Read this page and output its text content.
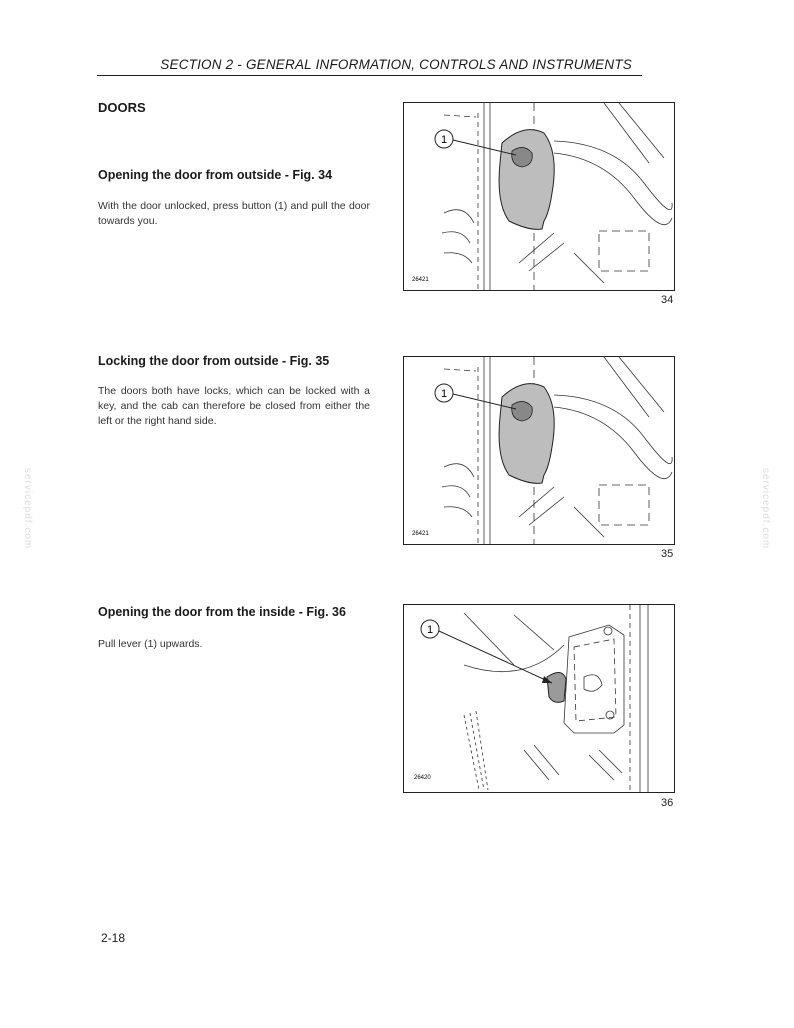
SECTION 2 - GENERAL INFORMATION, CONTROLS AND INSTRUMENTS
DOORS
Opening the door from outside - Fig. 34
With the door unlocked, press button (1) and pull the door towards you.
1
26421
34
Locking the door from outside - Fig. 35
The doors both have locks, which can be locked with a key, and the cab can therefore be closed from either the left or the right hand side.
1
26421
35
Opening the door from the inside - Fig. 36
Pull lever (1) upwards.
1
26420
36
2-18
servicepdf.com	servicepdf.com
